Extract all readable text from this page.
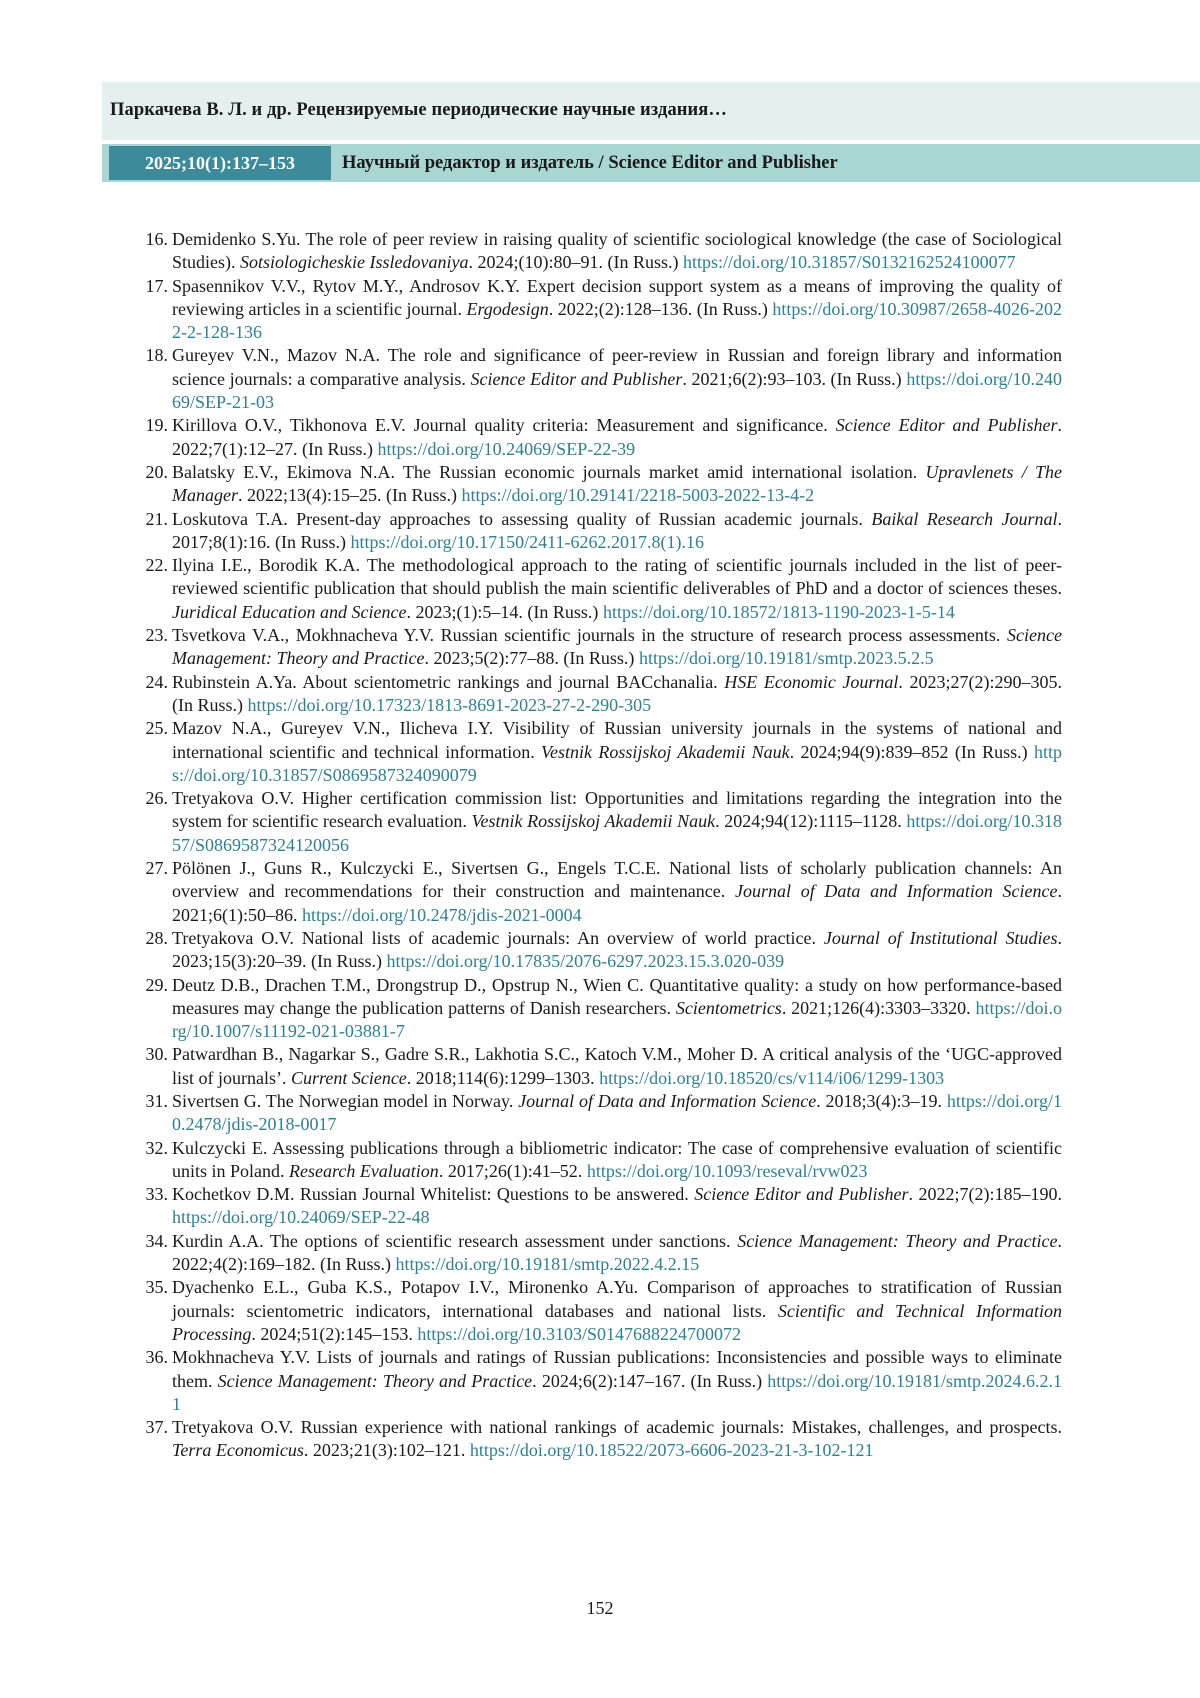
Паркачева В. Л. и др. Рецензируемые периодические научные издания…
2025;10(1):137–153	Научный редактор и издатель / Science Editor and Publisher
16. Demidenko S.Yu. The role of peer review in raising quality of scientific sociological knowledge (the case of Sociological Studies). Sotsiologicheskie Issledovaniya. 2024;(10):80–91. (In Russ.) https://doi.org/10.31857/S0132162524100077
17. Spasennikov V.V., Rytov M.Y., Androsov K.Y. Expert decision support system as a means of improving the quality of reviewing articles in a scientific journal. Ergodesign. 2022;(2):128–136. (In Russ.) https://doi.org/10.30987/2658-4026-2022-2-128-136
18. Gureyev V.N., Mazov N.A. The role and significance of peer-review in Russian and foreign library and information science journals: a comparative analysis. Science Editor and Publisher. 2021;6(2):93–103. (In Russ.) https://doi.org/10.24069/SEP-21-03
19. Kirillova O.V., Tikhonova E.V. Journal quality criteria: Measurement and significance. Science Editor and Publisher. 2022;7(1):12–27. (In Russ.) https://doi.org/10.24069/SEP-22-39
20. Balatsky E.V., Ekimova N.A. The Russian economic journals market amid international isolation. Upravlenets / The Manager. 2022;13(4):15–25. (In Russ.) https://doi.org/10.29141/2218-5003-2022-13-4-2
21. Loskutova T.A. Present-day approaches to assessing quality of Russian academic journals. Baikal Research Journal. 2017;8(1):16. (In Russ.) https://doi.org/10.17150/2411-6262.2017.8(1).16
22. Ilyina I.E., Borodik K.A. The methodological approach to the rating of scientific journals included in the list of peer-reviewed scientific publication that should publish the main scientific deliverables of PhD and a doctor of sciences theses. Juridical Education and Science. 2023;(1):5–14. (In Russ.) https://doi.org/10.18572/1813-1190-2023-1-5-14
23. Tsvetkova V.A., Mokhnacheva Y.V. Russian scientific journals in the structure of research process assessments. Science Management: Theory and Practice. 2023;5(2):77–88. (In Russ.) https://doi.org/10.19181/smtp.2023.5.2.5
24. Rubinstein A.Ya. About scientometric rankings and journal BACchanalia. HSE Economic Journal. 2023;27(2):290–305. (In Russ.) https://doi.org/10.17323/1813-8691-2023-27-2-290-305
25. Mazov N.A., Gureyev V.N., Ilicheva I.Y. Visibility of Russian university journals in the systems of national and international scientific and technical information. Vestnik Rossijskoj Akademii Nauk. 2024;94(9):839–852 (In Russ.) https://doi.org/10.31857/S0869587324090079
26. Tretyakova O.V. Higher certification commission list: Opportunities and limitations regarding the integration into the system for scientific research evaluation. Vestnik Rossijskoj Akademii Nauk. 2024;94(12):1115–1128. https://doi.org/10.31857/S0869587324120056
27. Pölönen J., Guns R., Kulczycki E., Sivertsen G., Engels T.C.E. National lists of scholarly publication channels: An overview and recommendations for their construction and maintenance. Journal of Data and Information Science. 2021;6(1):50–86. https://doi.org/10.2478/jdis-2021-0004
28. Tretyakova O.V. National lists of academic journals: An overview of world practice. Journal of Institutional Studies. 2023;15(3):20–39. (In Russ.) https://doi.org/10.17835/2076-6297.2023.15.3.020-039
29. Deutz D.B., Drachen T.M., Drongstrup D., Opstrup N., Wien C. Quantitative quality: a study on how performance-based measures may change the publication patterns of Danish researchers. Scientometrics. 2021;126(4):3303–3320. https://doi.org/10.1007/s11192-021-03881-7
30. Patwardhan B., Nagarkar S., Gadre S.R., Lakhotia S.C., Katoch V.M., Moher D. A critical analysis of the ‘UGC-approved list of journals’. Current Science. 2018;114(6):1299–1303. https://doi.org/10.18520/cs/v114/i06/1299-1303
31. Sivertsen G. The Norwegian model in Norway. Journal of Data and Information Science. 2018;3(4):3–19. https://doi.org/10.2478/jdis-2018-0017
32. Kulczycki E. Assessing publications through a bibliometric indicator: The case of comprehensive evaluation of scientific units in Poland. Research Evaluation. 2017;26(1):41–52. https://doi.org/10.1093/reseval/rvw023
33. Kochetkov D.M. Russian Journal Whitelist: Questions to be answered. Science Editor and Publisher. 2022;7(2):185–190. https://doi.org/10.24069/SEP-22-48
34. Kurdin A.A. The options of scientific research assessment under sanctions. Science Management: Theory and Practice. 2022;4(2):169–182. (In Russ.) https://doi.org/10.19181/smtp.2022.4.2.15
35. Dyachenko E.L., Guba K.S., Potapov I.V., Mironenko A.Yu. Comparison of approaches to stratification of Russian journals: scientometric indicators, international databases and national lists. Scientific and Technical Information Processing. 2024;51(2):145–153. https://doi.org/10.3103/S0147688224700072
36. Mokhnacheva Y.V. Lists of journals and ratings of Russian publications: Inconsistencies and possible ways to eliminate them. Science Management: Theory and Practice. 2024;6(2):147–167. (In Russ.) https://doi.org/10.19181/smtp.2024.6.2.11
37. Tretyakova O.V. Russian experience with national rankings of academic journals: Mistakes, challenges, and prospects. Terra Economicus. 2023;21(3):102–121. https://doi.org/10.18522/2073-6606-2023-21-3-102-121
152
